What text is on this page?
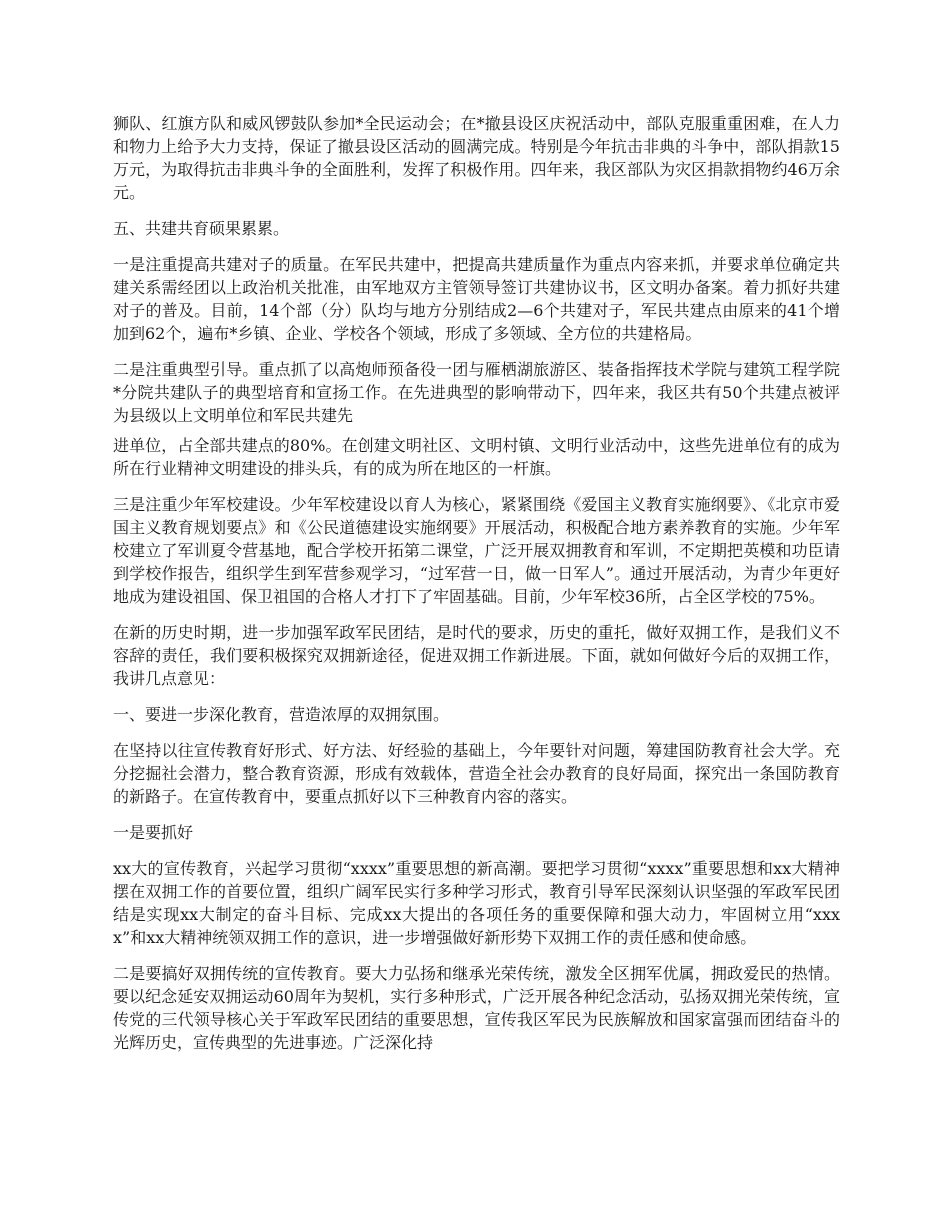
狮队、红旗方队和威风锣鼓队参加*全民运动会；在*撤县设区庆祝活动中，部队克服重重困难，在人力和物力上给予大力支持，保证了撤县设区活动的圆满完成。特别是今年抗击非典的斗争中，部队捐款15万元，为取得抗击非典斗争的全面胜利，发挥了积极作用。四年来，我区部队为灾区捐款捐物约46万余元。

五、共建共育硕果累累。

一是注重提高共建对子的质量。在军民共建中，把提高共建质量作为重点内容来抓，并要求单位确定共建关系需经团以上政治机关批准，由军地双方主管领导签订共建协议书，区文明办备案。着力抓好共建对子的普及。目前，14个部（分）队均与地方分别结成2—6个共建对子，军民共建点由原来的41个增加到62个，遍布*乡镇、企业、学校各个领域，形成了多领域、全方位的共建格局。

二是注重典型引导。重点抓了以高炮师预备役一团与雁栖湖旅游区、装备指挥技术学院与建筑工程学院*分院共建队子的典型培育和宣扬工作。在先进典型的影响带动下，四年来，我区共有50个共建点被评为县级以上文明单位和军民共建先

进单位，占全部共建点的80%。在创建文明社区、文明村镇、文明行业活动中，这些先进单位有的成为所在行业精神文明建设的排头兵，有的成为所在地区的一杆旗。

三是注重少年军校建设。少年军校建设以育人为核心，紧紧围绕《爱国主义教育实施纲要》、《北京市爱国主义教育规划要点》和《公民道德建设实施纲要》开展活动，积极配合地方素养教育的实施。少年军校建立了军训夏令营基地，配合学校开拓第二课堂，广泛开展双拥教育和军训，不定期把英模和功臣请到学校作报告，组织学生到军营参观学习，“过军营一日，做一日军人”。通过开展活动，为青少年更好地成为建设祖国、保卫祖国的合格人才打下了牢固基础。目前，少年军校36所，占全区学校的75%。

在新的历史时期，进一步加强军政军民团结，是时代的要求，历史的重托，做好双拥工作，是我们义不容辞的责任，我们要积极探究双拥新途径，促进双拥工作新进展。下面，就如何做好今后的双拥工作，我讲几点意见：

一、要进一步深化教育，营造浓厚的双拥氛围。

在坚持以往宣传教育好形式、好方法、好经验的基础上，今年要针对问题，筹建国防教育社会大学。充分挖掘社会潜力，整合教育资源，形成有效载体，营造全社会办教育的良好局面，探究出一条国防教育的新路子。在宣传教育中，要重点抓好以下三种教育内容的落实。

一是要抓好

xx大的宣传教育，兴起学习贯彻“xxxx”重要思想的新高潮。要把学习贯彻“xxxx”重要思想和xx大精神摆在双拥工作的首要位置，组织广阔军民实行多种学习形式，教育引导军民深刻认识坚强的军政军民团结是实现xx大制定的奋斗目标、完成xx大提出的各项任务的重要保障和强大动力，牢固树立用“xxxx”和xx大精神统领双拥工作的意识，进一步增强做好新形势下双拥工作的责任感和使命感。

二是要搞好双拥传统的宣传教育。要大力弘扬和继承光荣传统，激发全区拥军优属，拥政爱民的热情。要以纪念延安双拥运动60周年为契机，实行多种形式，广泛开展各种纪念活动，弘扬双拥光荣传统，宣传党的三代领导核心关于军政军民团结的重要思想，宣传我区军民为民族解放和国家富强而团结奋斗的光辉历史，宣传典型的先进事迹。广泛深化持
